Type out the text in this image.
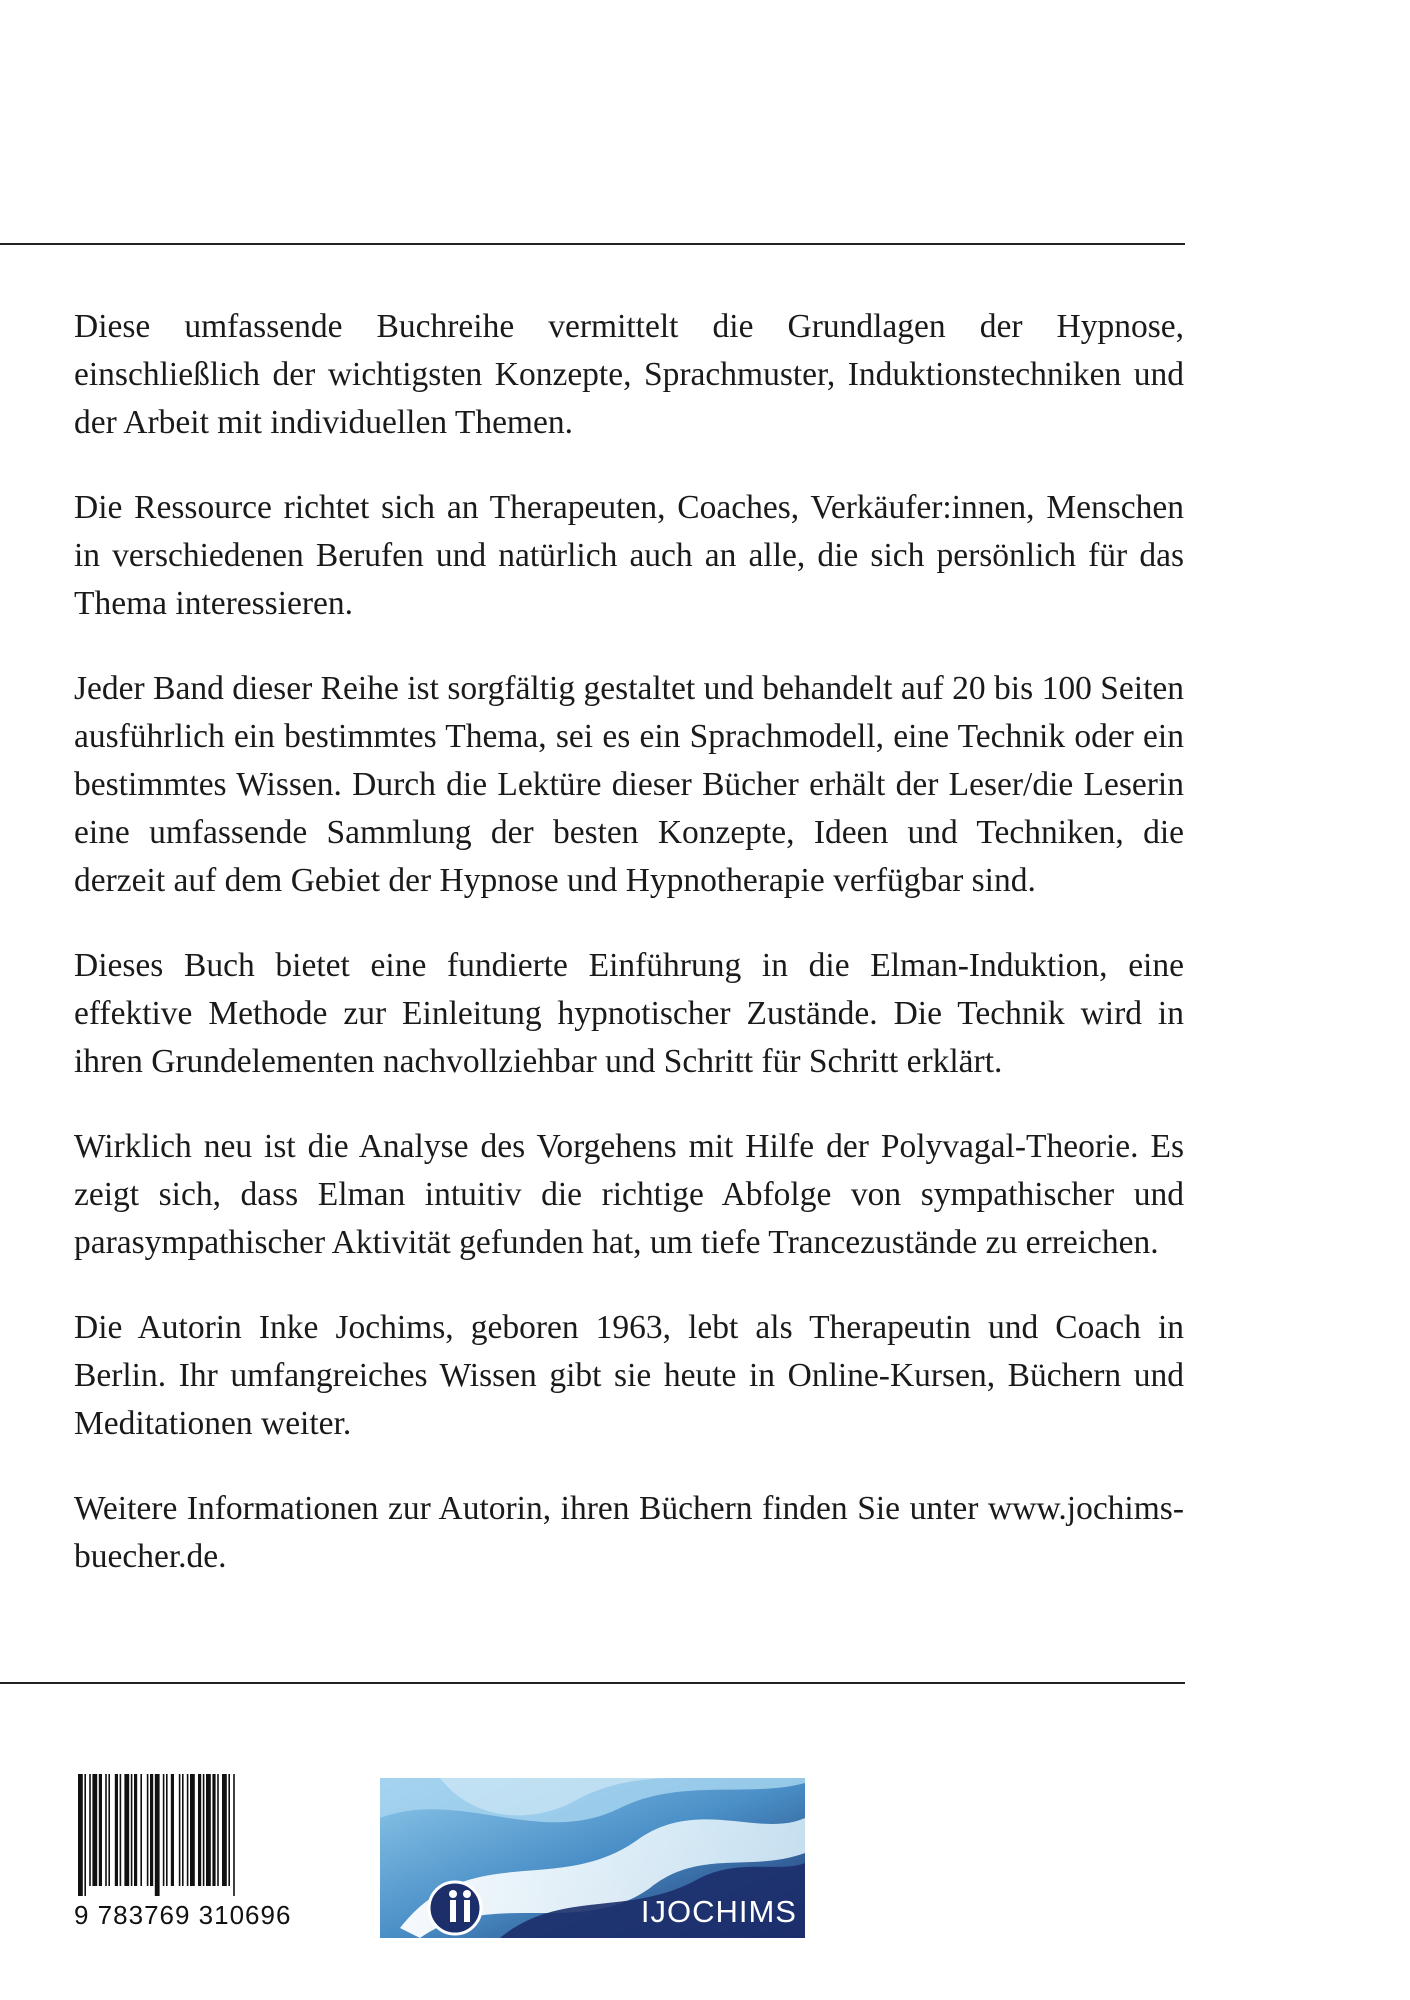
Diese umfassende Buchreihe vermittelt die Grundlagen der Hypnose, einschließlich der wichtigsten Konzepte, Sprachmuster, Induktionstechniken und der Arbeit mit individuellen Themen.

Die Ressource richtet sich an Therapeuten, Coaches, Verkäufer:innen, Menschen in verschiedenen Berufen und natürlich auch an alle, die sich persönlich für das Thema interessieren.

Jeder Band dieser Reihe ist sorgfältig gestaltet und behandelt auf 20 bis 100 Seiten ausführlich ein bestimmtes Thema, sei es ein Sprachmodell, eine Technik oder ein bestimmtes Wissen. Durch die Lektüre dieser Bücher erhält der Leser/die Leserin eine umfassende Sammlung der besten Konzepte, Ideen und Techniken, die derzeit auf dem Gebiet der Hypnose und Hypnotherapie verfügbar sind.

Dieses Buch bietet eine fundierte Einführung in die Elman-Induktion, eine effektive Methode zur Einleitung hypnotischer Zustände. Die Technik wird in ihren Grundelementen nachvollziehbar und Schritt für Schritt erklärt.

Wirklich neu ist die Analyse des Vorgehens mit Hilfe der Polyvagal-Theorie. Es zeigt sich, dass Elman intuitiv die richtige Abfolge von sympathischer und parasympathischer Aktivität gefunden hat, um tiefe Trancezustände zu erreichen.

Die Autorin Inke Jochims, geboren 1963, lebt als Therapeutin und Coach in Berlin. Ihr umfangreiches Wissen gibt sie heute in Online-Kursen, Büchern und Meditationen weiter.

Weitere Informationen zur Autorin, ihren Büchern finden Sie unter www.jochims-buecher.de.

9 783769 310696	IJOCHIMS
